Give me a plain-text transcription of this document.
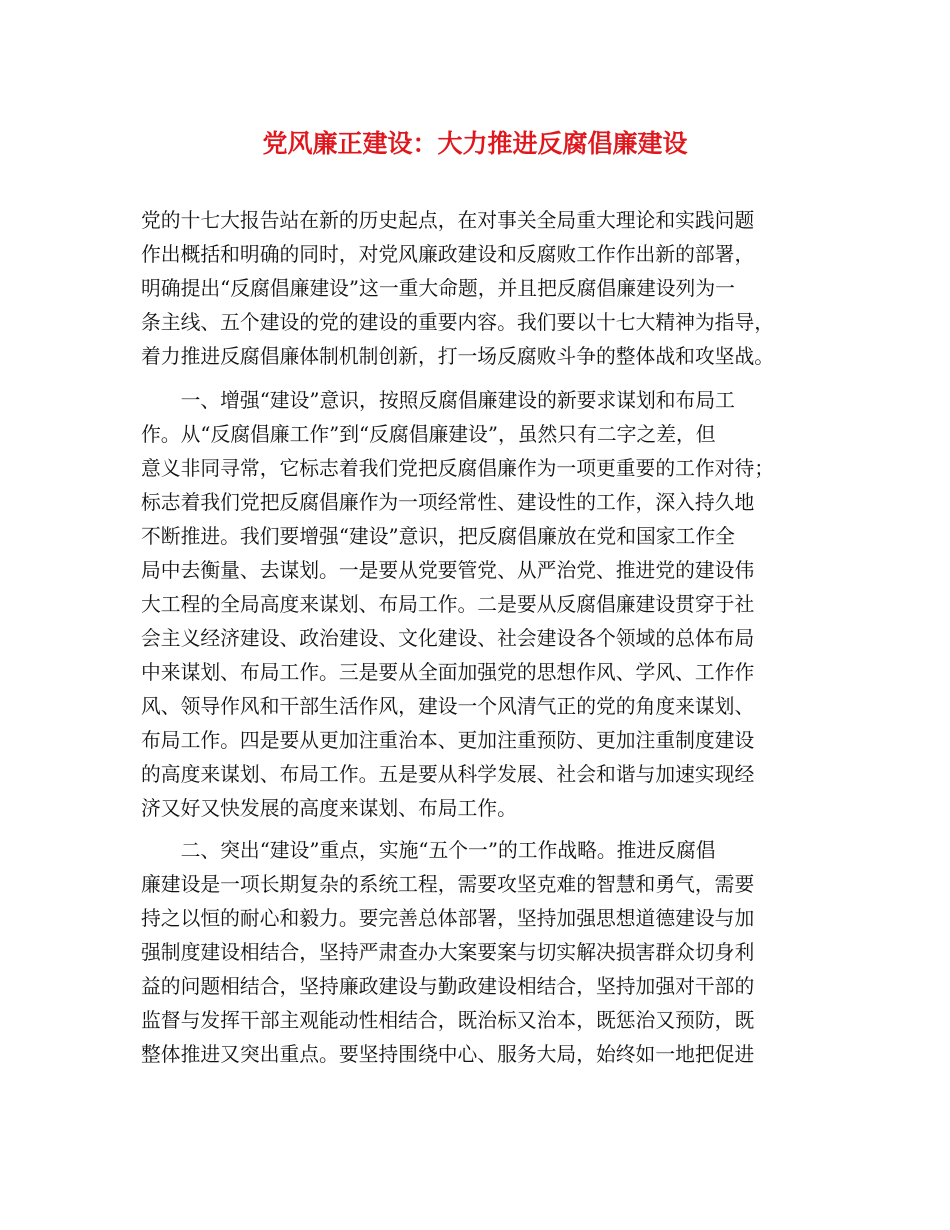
党风廉正建设：大力推进反腐倡廉建设
党的十七大报告站在新的历史起点，在对事关全局重大理论和实践问题
作出概括和明确的同时，对党风廉政建设和反腐败工作作出新的部署，
明确提出“反腐倡廉建设”这一重大命题，并且把反腐倡廉建设列为一
条主线、五个建设的党的建设的重要内容。我们要以十七大精神为指导，
着力推进反腐倡廉体制机制创新，打一场反腐败斗争的整体战和攻坚战。
　　一、增强“建设”意识，按照反腐倡廉建设的新要求谋划和布局工
作。从“反腐倡廉工作”到“反腐倡廉建设”，虽然只有二字之差，但
意义非同寻常，它标志着我们党把反腐倡廉作为一项更重要的工作对待；
标志着我们党把反腐倡廉作为一项经常性、建设性的工作，深入持久地
不断推进。我们要增强“建设”意识，把反腐倡廉放在党和国家工作全
局中去衡量、去谋划。一是要从党要管党、从严治党、推进党的建设伟
大工程的全局高度来谋划、布局工作。二是要从反腐倡廉建设贯穿于社
会主义经济建设、政治建设、文化建设、社会建设各个领域的总体布局
中来谋划、布局工作。三是要从全面加强党的思想作风、学风、工作作
风、领导作风和干部生活作风，建设一个风清气正的党的角度来谋划、
布局工作。四是要从更加注重治本、更加注重预防、更加注重制度建设
的高度来谋划、布局工作。五是要从科学发展、社会和谐与加速实现经
济又好又快发展的高度来谋划、布局工作。
　　二、突出“建设”重点，实施“五个一”的工作战略。推进反腐倡
廉建设是一项长期复杂的系统工程，需要攻坚克难的智慧和勇气，需要
持之以恒的耐心和毅力。要完善总体部署，坚持加强思想道德建设与加
强制度建设相结合，坚持严肃查办大案要案与切实解决损害群众切身利
益的问题相结合，坚持廉政建设与勤政建设相结合，坚持加强对干部的
监督与发挥干部主观能动性相结合，既治标又治本，既惩治又预防，既
整体推进又突出重点。要坚持围绕中心、服务大局，始终如一地把促进
